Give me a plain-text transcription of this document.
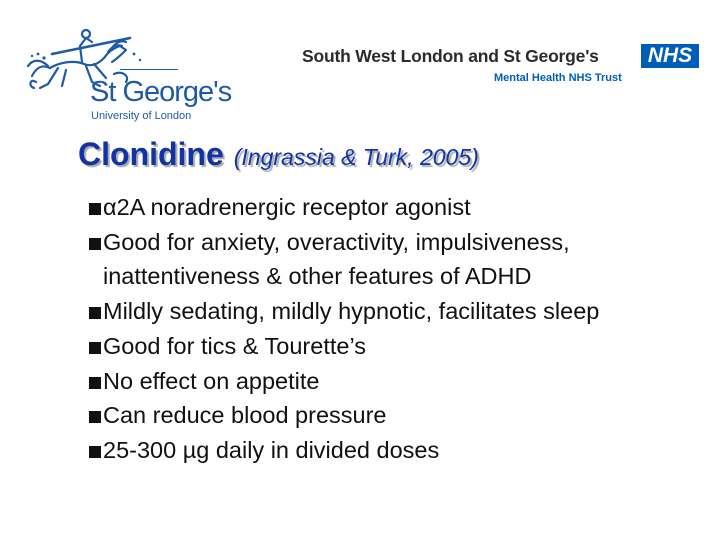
St George's
University of London
South West London and St George's	NHS
Mental Health NHS Trust
Clonidine (Ingrassia & Turk, 2005)
α2A noradrenergic receptor agonist
Good for anxiety, overactivity, impulsiveness,
inattentiveness & other features of ADHD
Mildly sedating, mildly hypnotic, facilitates sleep
Good for tics & Tourette’s
No effect on appetite
Can reduce blood pressure
25-300 µg daily in divided doses
